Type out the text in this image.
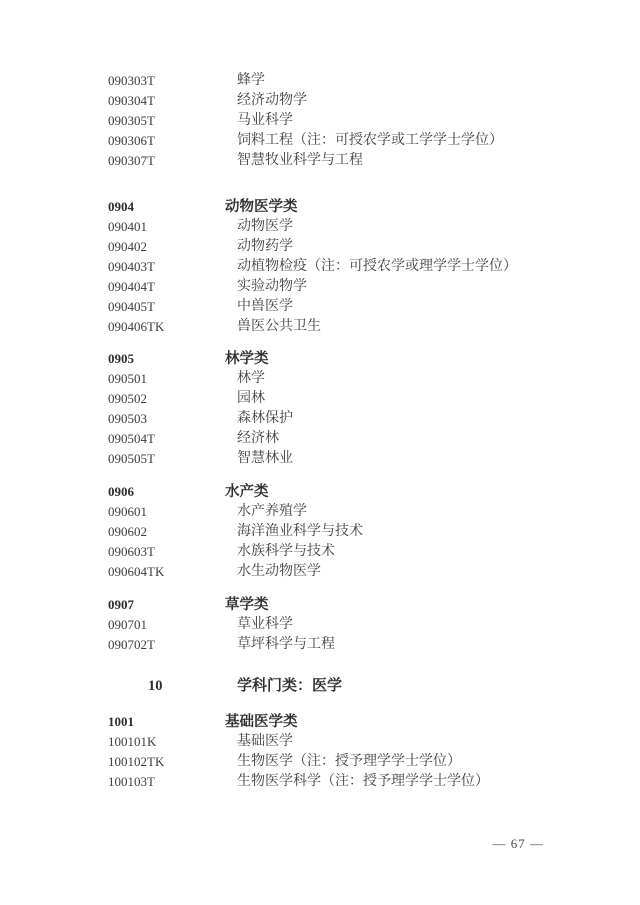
090303T	蜂学
090304T	经济动物学
090305T	马业科学
090306T	饲料工程（注：可授农学或工学学士学位）
090307T	智慧牧业科学与工程
0904	动物医学类
090401	动物医学
090402	动物药学
090403T	动植物检疫（注：可授农学或理学学士学位）
090404T	实验动物学
090405T	中兽医学
090406TK	兽医公共卫生
0905	林学类
090501	林学
090502	园林
090503	森林保护
090504T	经济林
090505T	智慧林业
0906	水产类
090601	水产养殖学
090602	海洋渔业科学与技术
090603T	水族科学与技术
090604TK	水生动物医学
0907	草学类
090701	草业科学
090702T	草坪科学与工程
10	学科门类：医学
1001	基础医学类
100101K	基础医学
100102TK	生物医学（注：授予理学学士学位）
100103T	生物医学科学（注：授予理学学士学位）
— 67 —
